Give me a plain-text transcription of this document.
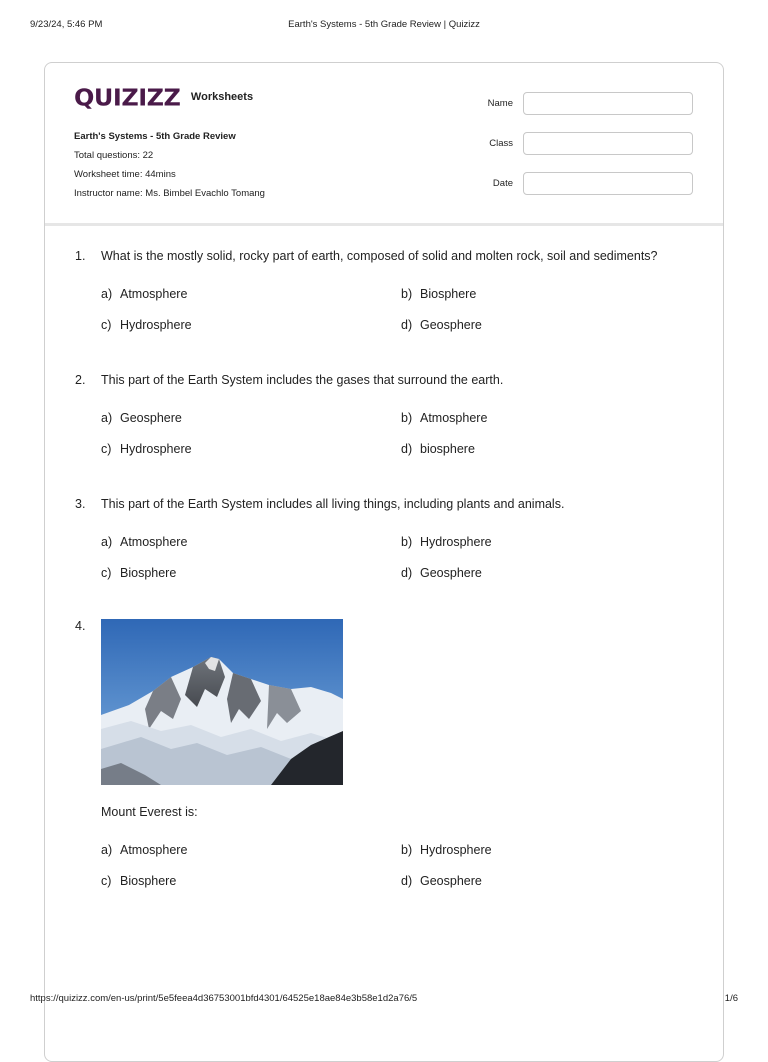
9/23/24, 5:46 PM	Earth's Systems - 5th Grade Review | Quizizz
QUIZIZZ Worksheets
Earth's Systems - 5th Grade Review
Total questions: 22
Worksheet time: 44mins
Instructor name: Ms. Bimbel Evachlo Tomang
Name
Class
Date
1. What is the mostly solid, rocky part of earth, composed of solid and molten rock, soil and sediments?
a) Atmosphere	b) Biosphere
c) Hydrosphere	d) Geosphere
2. This part of the Earth System includes the gases that surround the earth.
a) Geosphere	b) Atmosphere
c) Hydrosphere	d) biosphere
3. This part of the Earth System includes all living things, including plants and animals.
a) Atmosphere	b) Hydrosphere
c) Biosphere	d) Geosphere
4.
Mount Everest is:
a) Atmosphere	b) Hydrosphere
c) Biosphere	d) Geosphere
https://quizizz.com/en-us/print/5e5feea4d36753001bfd4301/64525e18ae84e3b58e1d2a76/5	1/6
